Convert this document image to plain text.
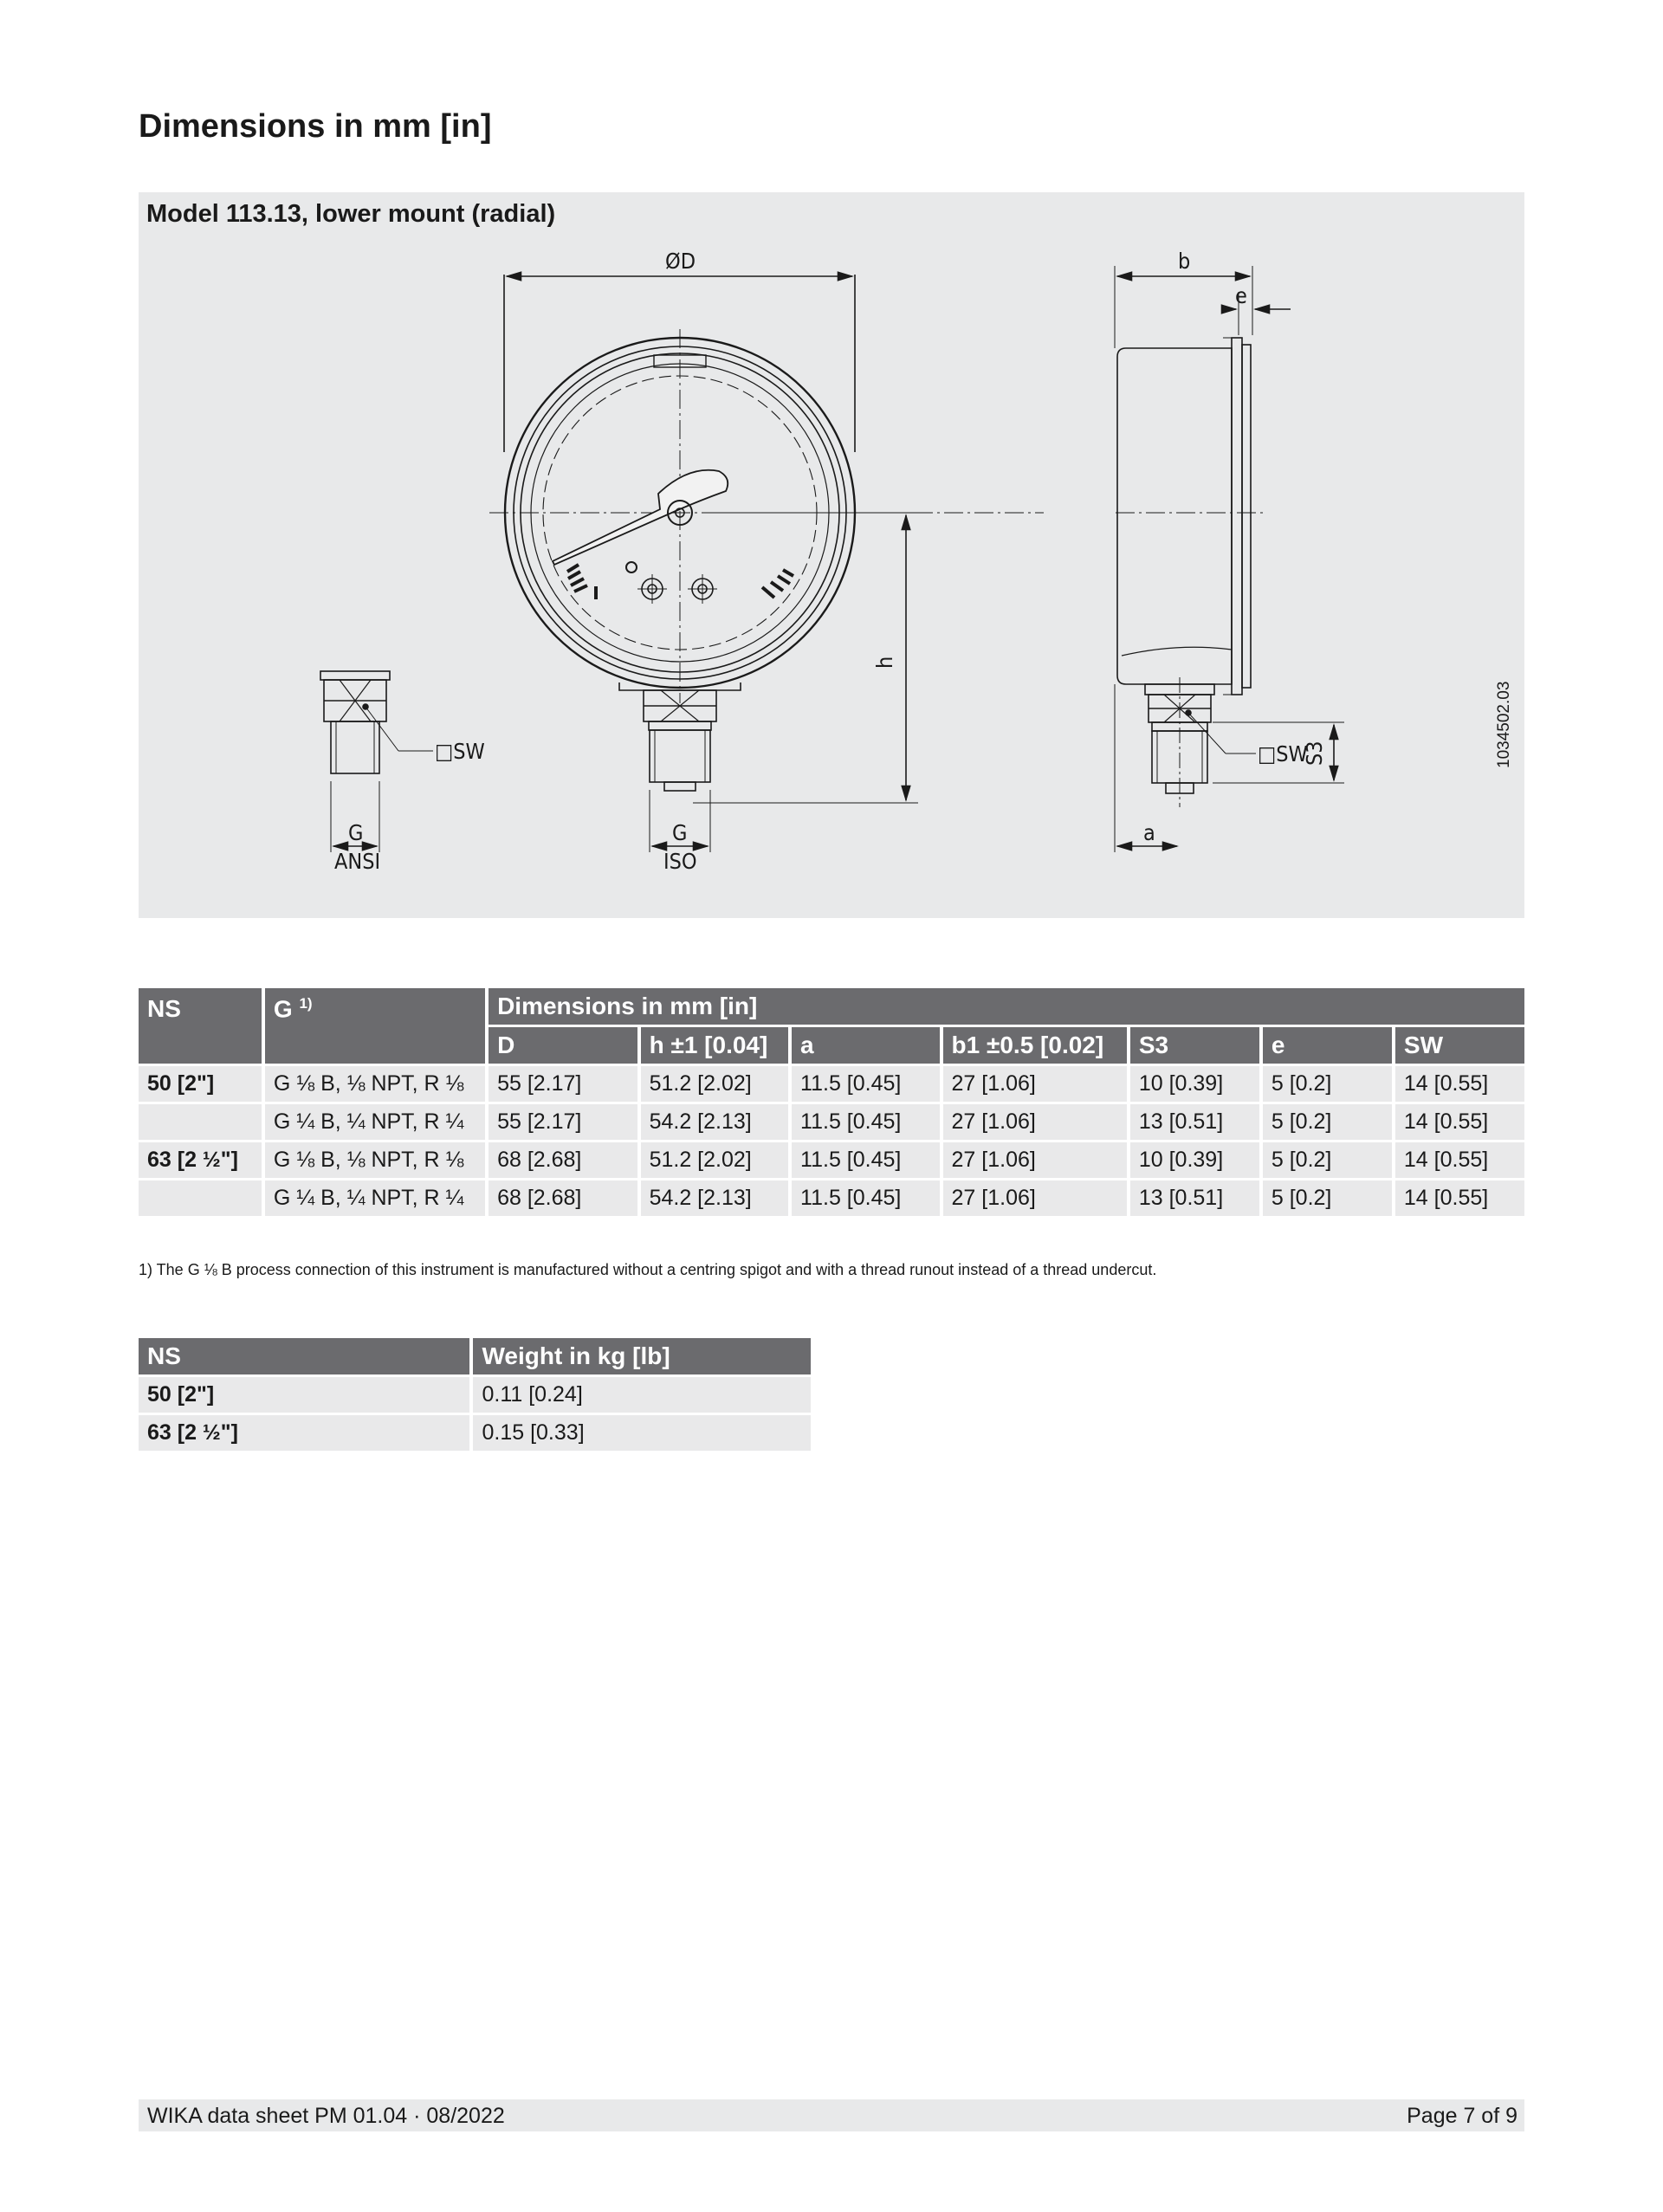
Dimensions in mm [in]
Model 113.13, lower mount (radial)
ØD
h
G
ISO
□SW
G
ANSI
b
e
□SW
S3
a
1034502.03
NS	G $^{1)}$	Dimensions in mm [in]						
		D	h ±1 [0.04]	a	b1 ±0.5 [0.02]	S3	e	SW
50 [2"]	G ⅛ B, ⅛ NPT, R ⅛	55 [2.17]	51.2 [2.02]	11.5 [0.45]	27 [1.06]	10 [0.39]	5 [0.2]	14 [0.55]
	G ¼ B, ¼ NPT, R ¼	55 [2.17]	54.2 [2.13]	11.5 [0.45]	27 [1.06]	13 [0.51]	5 [0.2]	14 [0.55]
63 [2 ½"]	G ⅛ B, ⅛ NPT, R ⅛	68 [2.68]	51.2 [2.02]	11.5 [0.45]	27 [1.06]	10 [0.39]	5 [0.2]	14 [0.55]
	G ¼ B, ¼ NPT, R ¼	68 [2.68]	54.2 [2.13]	11.5 [0.45]	27 [1.06]	13 [0.51]	5 [0.2]	14 [0.55]

1) The G ⅛ B process connection of this instrument is manufactured without a centring spigot and with a thread runout instead of a thread undercut.

NS	Weight in kg [lb]
50 [2"]	0.11 [0.24]
63 [2 ½"]	0.15 [0.33]
WIKA data sheet PM 01.04 · 08/2022	Page 7 of 9
